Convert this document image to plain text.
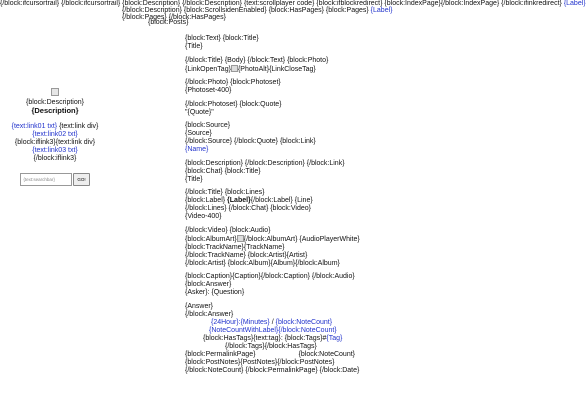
{/block:ifcursortrail} {/block:ifcursortrail} {block:Description} {/block:Description} {text:scrollplayer code} {block:ifblockredirect} {block:IndexPage}{/block:IndexPage} {/block:ifinkredirect} {Label}
{/block:Description} {block:ScrollsidenEnabled} {block:HasPages} {block:Pages} {Label}
{/block:Pages} {/block:HasPages}
{block:Posts}
{block:Description}
{Description}
{text:link01 txt} {text:link div}
{text:link02 txt}
{block:iflink3}{text:link div}
{text:link03 txt}
{/block:iflink3}
{text:searchbar}
GO!
{block:Text} {block:Title}
{Title}
{/block:Title} {Body} {/block:Text} {block:Photo}
{LinkOpenTag} {PhotoAlt}{LinkCloseTag}
{/block:Photo} {block:Photoset}
{Photoset-400}
{/block:Photoset} {block:Quote}
"{Quote}"
{block:Source}
{Source}
{/block:Source} {/block:Quote} {block:Link}
{Name}
{block:Description} {/block:Description} {/block:Link}
{block:Chat} {block:Title}
{Title}
{/block:Title} {block:Lines}
{block:Label} {Label}{/block:Label} {Line}
{/block:Lines} {/block:Chat} {block:Video}
{Video-400}
{/block:Video} {block:Audio}
{block:AlbumArt} {/block:AlbumArt} {AudioPlayerWhite}
{block:TrackName}{TrackName}
{/block:TrackName} {block:Artist}{Artist}
{/block:Artist} {block:Album}{Album}{/block:Album}
{block:Caption}{Caption}{/block:Caption} {/block:Audio}
{block:Answer}
{Asker}: {Question}
{Answer}
{/block:Answer}
{24Hour}:{Minutes} / {block:NoteCount}
{NoteCountWithLabel}{/block:NoteCount}
{block:HasTags}{text:tag}: {block:Tags}#{Tag}
{/block:Tags}{/block:HasTags}
{block:PermalinkPage}	{block:NoteCount}
{block:PostNotes}{PostNotes}{/block:PostNotes}
{/block:NoteCount} {/block:PermalinkPage} {/block:Date}
